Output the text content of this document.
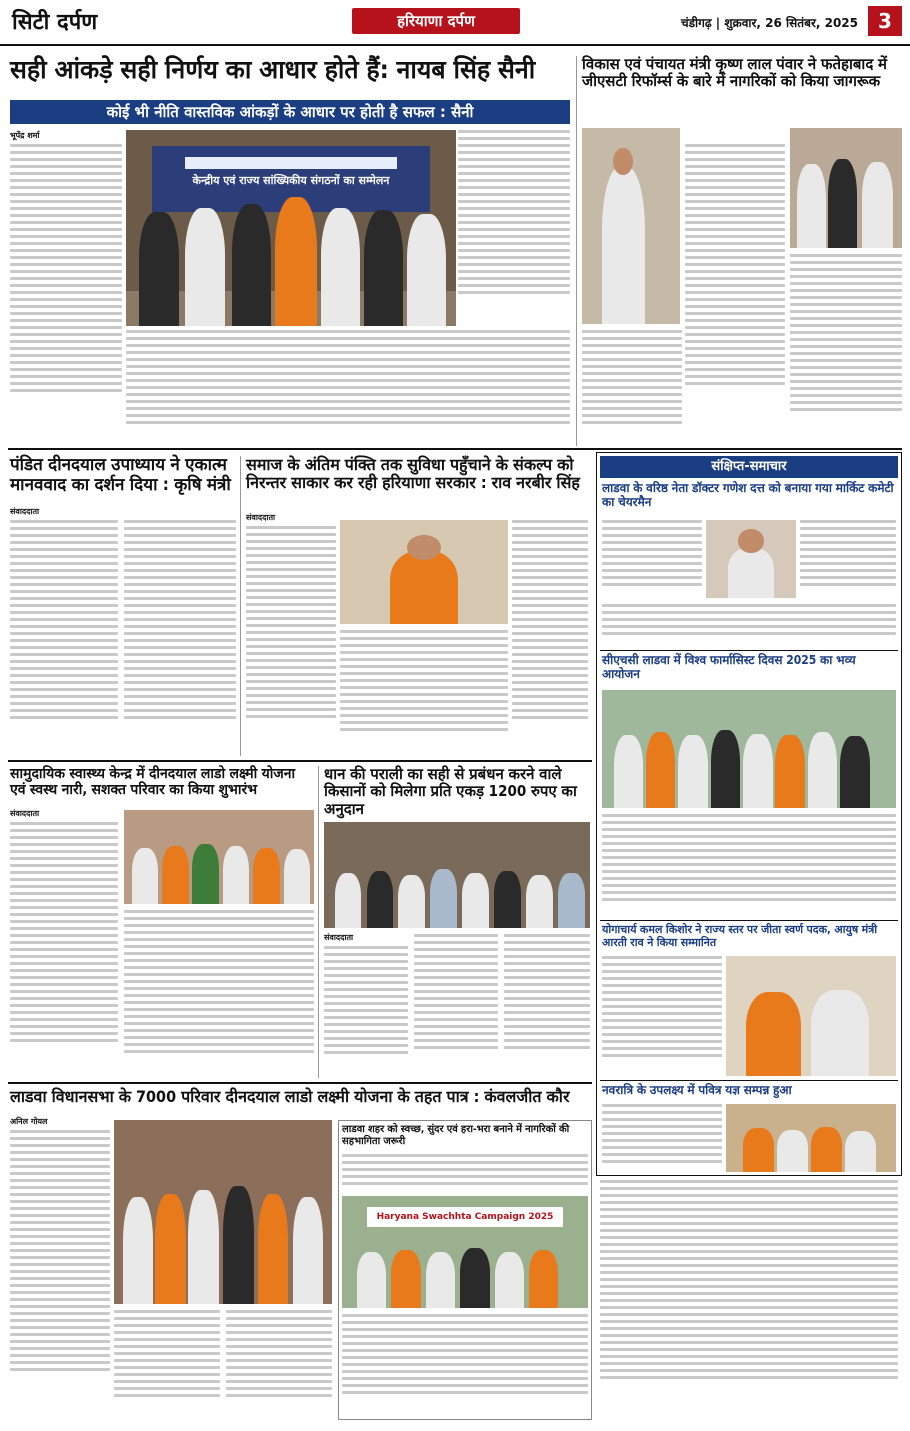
सिटी दर्पण	हरियाणा दर्पण	चंडीगढ़ | शुक्रवार, 26 सितंबर, 2025	3
सही आंकड़े सही निर्णय का आधार होते हैं: नायब सिंह सैनी
कोई भी नीति वास्तविक आंकड़ों के आधार पर होती है सफल : सैनी
भूपेंद्र शर्मा
केन्द्रीय एवं राज्य सांख्यिकीय संगठनों का सम्मेलन
विकास एवं पंचायत मंत्री कृष्ण लाल पंवार ने फतेहाबाद में जीएसटी रिफॉर्म्स के बारे में नागरिकों को किया जागरूक
पंडित दीनदयाल उपाध्याय ने एकात्म मानववाद का दर्शन दिया : कृषि मंत्री
संवाददाता
समाज के अंतिम पंक्ति तक सुविधा पहुँचाने के संकल्प को निरन्तर साकार कर रही हरियाणा सरकार : राव नरबीर सिंह
संवाददाता
संक्षिप्त-समाचार
लाडवा के वरिष्ठ नेता डॉक्टर गणेश दत्त को बनाया गया मार्किट कमेटी का चेयरमैन
सीएचसी लाडवा में विश्व फार्मासिस्ट दिवस 2025 का भव्य आयोजन
योगाचार्य कमल किशोर ने राज्य स्तर पर जीता स्वर्ण पदक, आयुष मंत्री आरती राव ने किया सम्मानित
नवरात्रि के उपलक्ष्य में पवित्र यज्ञ सम्पन्न हुआ
सामुदायिक स्वास्थ्य केन्द्र में दीनदयाल लाडो लक्ष्मी योजना एवं स्वस्थ नारी, सशक्त परिवार का किया शुभारंभ
संवाददाता
धान की पराली का सही से प्रबंधन करने वाले किसानों को मिलेगा प्रति एकड़ 1200 रुपए का अनुदान
संवाददाता
लाडवा विधानसभा के 7000 परिवार दीनदयाल लाडो लक्ष्मी योजना के तहत पात्र : कंवलजीत कौर
अनिल गोयल
लाडवा शहर को स्वच्छ, सुंदर एवं हरा-भरा बनाने में नागरिकों की सहभागिता जरूरी
Haryana Swachhta Campaign 2025
